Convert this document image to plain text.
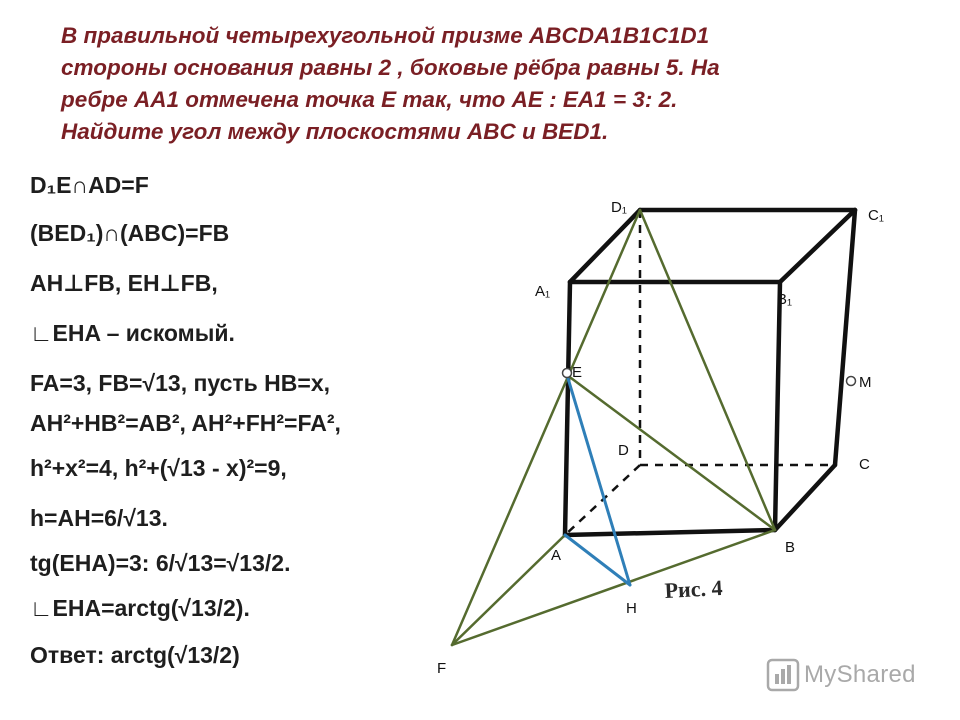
В правильной четырехугольной призме ABCDA1B1C1D1
стороны основания равны 2 , боковые рёбра равны 5. На
ребре AA1 отмечена точка E так, что AE : EA1 = 3: 2.
Найдите угол между плоскостями ABC и BED1.
D₁E∩AD=F
(BED₁)∩(ABC)=FB
AH⊥FB, EH⊥FB,
∟EHA – искомый.
FA=3, FB=√13, пусть HB=x,
AH²+HB²=AB², AH²+FH²=FA²,
h²+x²=4, h²+(√13 - x)²=9,
h=AH=6/√13.
tg(EHA)=3: 6/√13=√13/2.
∟EHA=arctg(√13/2).
Ответ: arctg(√13/2)
Рис. 4
D₁	C₁
A₁	B₁
E
M
D
C
A	B
H
F	MyShared
